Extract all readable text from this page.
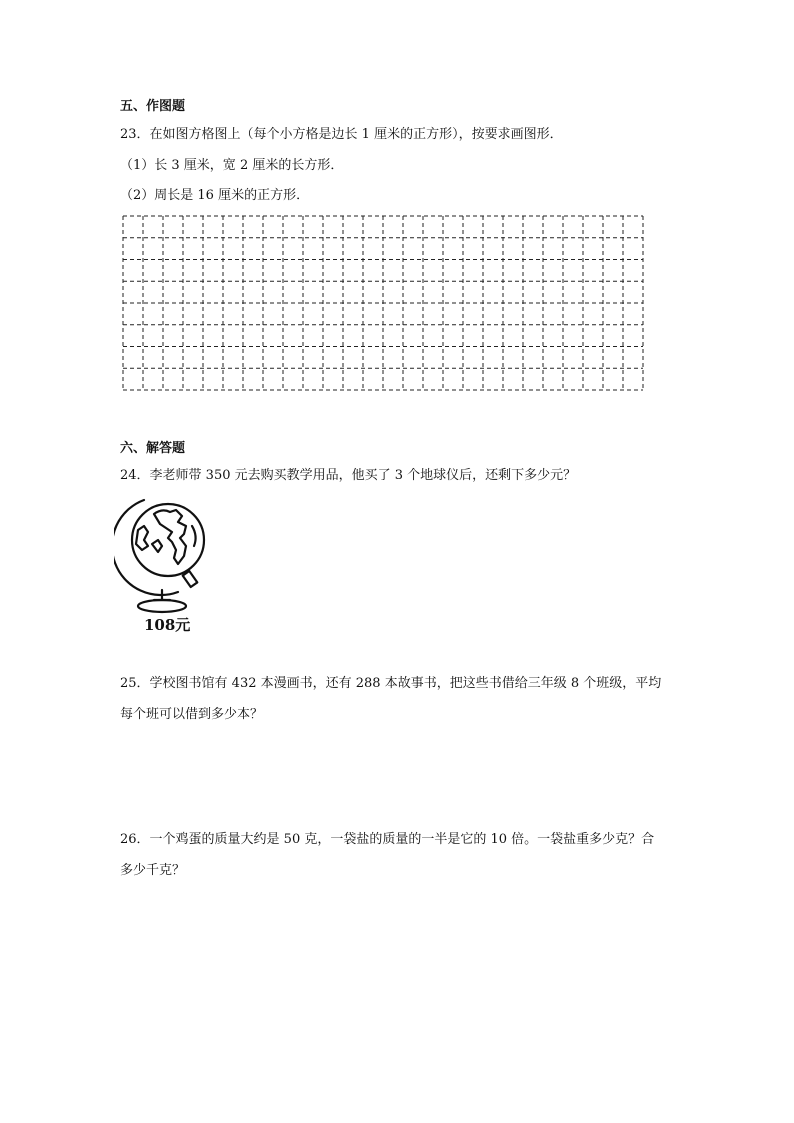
五、作图题
23．在如图方格图上（每个小方格是边长 1 厘米的正方形），按要求画图形．
（1）长 3 厘米，宽 2 厘米的长方形．
（2）周长是 16 厘米的正方形．
六、解答题
24．李老师带 350 元去购买教学用品，他买了 3 个地球仪后，还剩下多少元？
108元
25．学校图书馆有 432 本漫画书，还有 288 本故事书，把这些书借给三年级 8 个班级，平均
每个班可以借到多少本？
26．一个鸡蛋的质量大约是 50 克，一袋盐的质量的一半是它的 10 倍。一袋盐重多少克？合
多少千克？
